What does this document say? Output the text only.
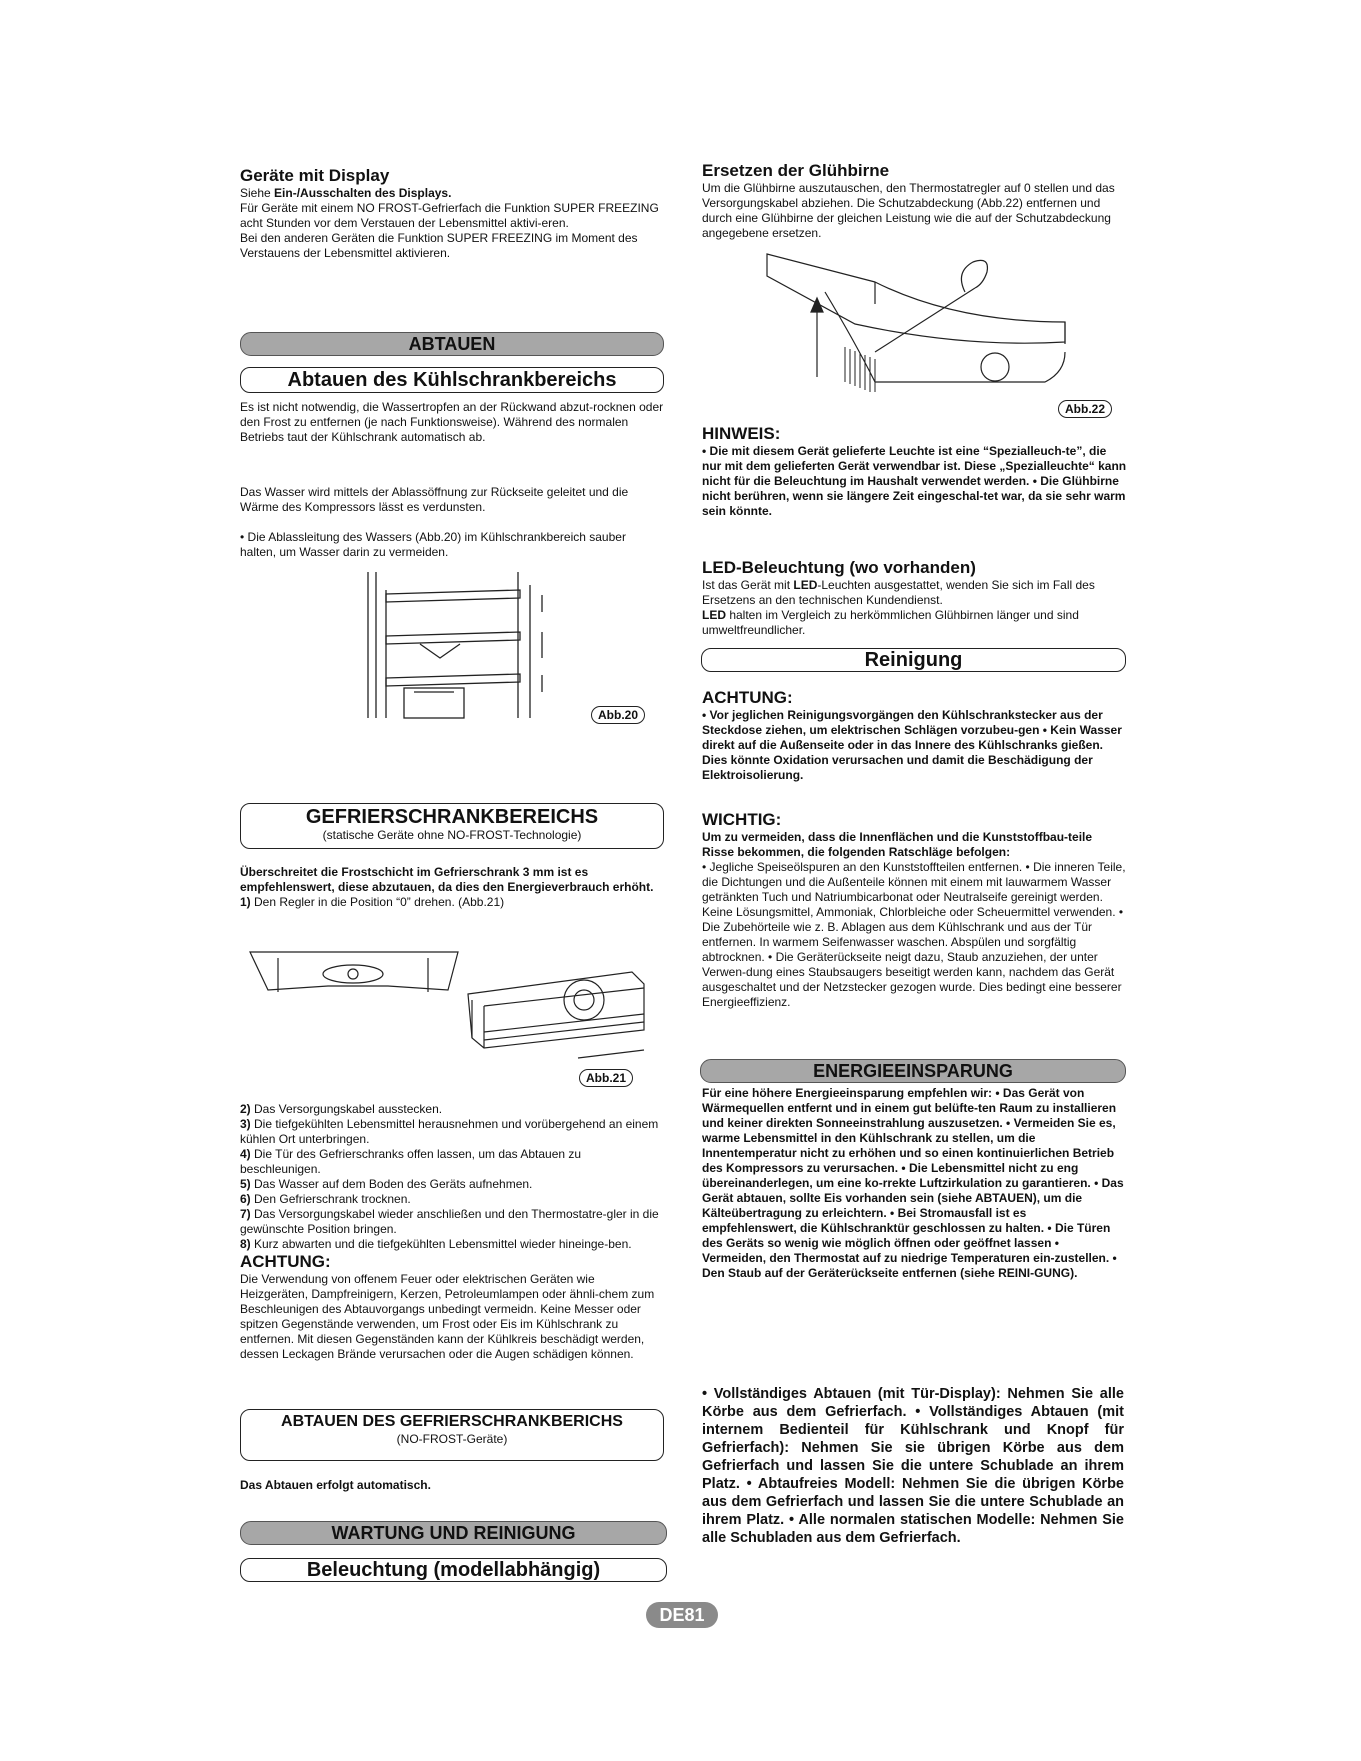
Geräte mit Display

Siehe Ein-/Ausschalten des Displays.

Für Geräte mit einem NO FROST-Gefrierfach die Funktion SUPER FREEZING acht Stunden vor dem Verstauen der Lebensmittel aktivi-eren.

Bei den anderen Geräten die Funktion SUPER FREEZING im Moment des Verstauens der Lebensmittel aktivieren.

ABTAUEN
Abtauen des Kühlschrankbereichs

Es ist nicht notwendig, die Wassertropfen an der Rückwand abzut-rocknen oder den Frost zu entfernen (je nach Funktionsweise). Während des normalen Betriebs taut der Kühlschrank automatisch ab.

Das Wasser wird mittels der Ablassöffnung zur Rückseite geleitet und die Wärme des Kompressors lässt es verdunsten.

• Die Ablassleitung des Wassers (Abb.20) im Kühlschrankbereich sauber halten, um Wasser darin zu vermeiden.

Abb.20
GEFRIERSCHRANKBEREICHS
(statische Geräte ohne NO-FROST-Technologie)

Überschreitet die Frostschicht im Gefrierschrank 3 mm ist es empfehlenswert, diese abzutauen, da dies den Energieverbrauch erhöht.

1) Den Regler in die Position “0” drehen. (Abb.21)

Abb.21

2) Das Versorgungskabel ausstecken.

3) Die tiefgekühlten Lebensmittel herausnehmen und vorübergehend an einem kühlen Ort unterbringen.

4) Die Tür des Gefrierschranks offen lassen, um das Abtauen zu beschleunigen.

5) Das Wasser auf dem Boden des Geräts aufnehmen.

6) Den Gefrierschrank trocknen.

7) Das Versorgungskabel wieder anschließen und den Thermostatre-gler in die gewünschte Position bringen.

8) Kurz abwarten und die tiefgekühlten Lebensmittel wieder hineinge-ben.

ACHTUNG:

Die Verwendung von offenem Feuer oder elektrischen Geräten wie Heizgeräten, Dampfreinigern, Kerzen, Petroleumlampen oder ähnli-chem zum Beschleunigen des Abtauvorgangs unbedingt vermeidn. Keine Messer oder spitzen Gegenstände verwenden, um Frost oder Eis im Kühlschrank zu entfernen. Mit diesen Gegenständen kann der Kühlkreis beschädigt werden, dessen Leckagen Brände verursachen oder die Augen schädigen können.

ABTAUEN DES GEFRIERSCHRANKBERICHS
(NO-FROST-Geräte)
Das Abtauen erfolgt automatisch.
WARTUNG UND REINIGUNG
Beleuchtung (modellabhängig)
Ersetzen der Glühbirne

Um die Glühbirne auszutauschen, den Thermostatregler auf 0 stellen und das Versorgungskabel abziehen. Die Schutzabdeckung (Abb.22) entfernen und durch eine Glühbirne der gleichen Leistung wie die auf der Schutzabdeckung angegebene ersetzen.

Abb.22
HINWEIS:

• Die mit diesem Gerät gelieferte Leuchte ist eine “Spezialleuch-te”, die nur mit dem gelieferten Gerät verwendbar ist. Diese „Spezialleuchte“ kann nicht für die Beleuchtung im Haushalt verwendet werden. • Die Glühbirne nicht berühren, wenn sie längere Zeit eingeschal-tet war, da sie sehr warm sein könnte.

LED-Beleuchtung (wo vorhanden)

Ist das Gerät mit LED-Leuchten ausgestattet, wenden Sie sich im Fall des Ersetzens an den technischen Kundendienst.

LED halten im Vergleich zu herkömmlichen Glühbirnen länger und sind umweltfreundlicher.

Reinigung
ACHTUNG:

• Vor jeglichen Reinigungsvorgängen den Kühlschrankstecker aus der Steckdose ziehen, um elektrischen Schlägen vorzubeu-gen • Kein Wasser direkt auf die Außenseite oder in das Innere des Kühlschranks gießen. Dies könnte Oxidation verursachen und damit die Beschädigung der Elektroisolierung.

WICHTIG:

Um zu vermeiden, dass die Innenflächen und die Kunststoffbau-teile Risse bekommen, die folgenden Ratschläge befolgen:

• Jegliche Speiseölspuren an den Kunststoffteilen entfernen. • Die inneren Teile, die Dichtungen und die Außenteile können mit einem mit lauwarmem Wasser getränkten Tuch und Natriumbicarbonat oder Neutralseife gereinigt werden. Keine Lösungsmittel, Ammoniak, Chlorbleiche oder Scheuermittel verwenden. • Die Zubehörteile wie z. B. Ablagen aus dem Kühlschrank und aus der Tür entfernen. In warmem Seifenwasser waschen. Abspülen und sorgfältig abtrocknen. • Die Geräterückseite neigt dazu, Staub anzuziehen, der unter Verwen-dung eines Staubsaugers beseitigt werden kann, nachdem das Gerät ausgeschaltet und der Netzstecker gezogen wurde. Dies bedingt eine besserer Energieeffizienz.

ENERGIEEINSPARUNG
Für eine höhere Energieeinsparung empfehlen wir: • Das Gerät von Wärmequellen entfernt und in einem gut belüfte-ten Raum zu installieren und keiner direkten Sonneeinstrahlung auszusetzen. • Vermeiden Sie es, warme Lebensmittel in den Kühlschrank zu stellen, um die Innentemperatur nicht zu erhöhen und so einen kontinuierlichen Betrieb des Kompressors zu verursachen. • Die Lebensmittel nicht zu eng übereinanderlegen, um eine ko-rrekte Luftzirkulation zu garantieren. • Das Gerät abtauen, sollte Eis vorhanden sein (siehe ABTAUEN), um die Kälteübertragung zu erleichtern. • Bei Stromausfall ist es empfehlenswert, die Kühlschranktür geschlossen zu halten. • Die Türen des Geräts so wenig wie möglich öffnen oder geöffnet lassen • Vermeiden, den Thermostat auf zu niedrige Temperaturen ein-zustellen. • Den Staub auf der Geräterückseite entfernen (siehe REINI-GUNG).
• Vollständiges Abtauen (mit Tür-Display): Nehmen Sie alle Körbe aus dem Gefrierfach. • Vollständiges Abtauen (mit internem Bedienteil für Kühlschrank und Knopf für Gefrierfach): Nehmen Sie sie übrigen Körbe aus dem Gefrierfach und lassen Sie die untere Schublade an ihrem Platz. • Abtaufreies Modell: Nehmen Sie die übrigen Körbe aus dem Gefrierfach und lassen Sie die untere Schublade an ihrem Platz. • Alle normalen statischen Modelle: Nehmen Sie alle Schubladen aus dem Gefrierfach.
DE81
